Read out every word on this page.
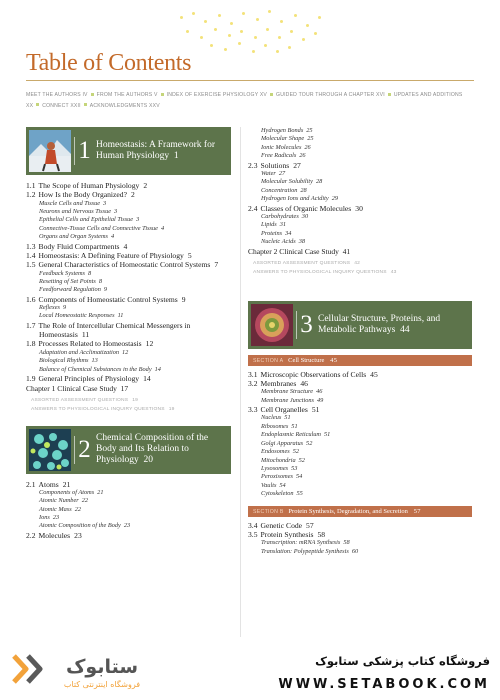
Table of Contents
MEET THE AUTHORS IV FROM THE AUTHORS V INDEX OF EXERCISE PHYSIOLOGY XV GUIDED TOUR THROUGH A CHAPTER XVI UPDATES AND ADDITIONS XX CONNECT XXII ACKNOWLEDGMENTS XXV
1 Homeostasis: A Framework for Human Physiology 1
1.1 The Scope of Human Physiology 2
1.2 How Is the Body Organized? 2
Muscle Cells and Tissue 3
Neurons and Nervous Tissue 3
Epithelial Cells and Epithelial Tissue 3
Connective-Tissue Cells and Connective Tissue 4
Organs and Organ Systems 4
1.3 Body Fluid Compartments 4
1.4 Homeostasis: A Defining Feature of Physiology 5
1.5 General Characteristics of Homeostatic Control Systems 7
Feedback Systems 8
Resetting of Set Points 8
Feedforward Regulation 9
1.6 Components of Homeostatic Control Systems 9
Reflexes 9
Local Homeostatic Responses 11
1.7 The Role of Intercellular Chemical Messengers in Homeostasis 11
1.8 Processes Related to Homeostasis 12
Adaptation and Acclimatization 12
Biological Rhythms 13
Balance of Chemical Substances in the Body 14
1.9 General Principles of Physiology 14
Chapter 1 Clinical Case Study 17
ASSORTED ASSESSMENT QUESTIONS 19
ANSWERS TO PHYSIOLOGICAL INQUIRY QUESTIONS 19
2 Chemical Composition of the Body and Its Relation to Physiology 20
2.1 Atoms 21
Components of Atoms 21
Atomic Number 22
Atomic Mass 22
Ions 23
Atomic Composition of the Body 23
2.2 Molecules 23
Hydrogen Bonds 25
Molecular Shape 25
Ionic Molecules 26
Free Radicals 26
2.3 Solutions 27
Water 27
Molecular Solubility 28
Concentration 28
Hydrogen Ions and Acidity 29
2.4 Classes of Organic Molecules 30
Carbohydrates 30
Lipids 31
Proteins 34
Nucleic Acids 38
Chapter 2 Clinical Case Study 41
ASSORTED ASSESSMENT QUESTIONS 42
ANSWERS TO PHYSIOLOGICAL INQUIRY QUESTIONS 43
3 Cellular Structure, Proteins, and Metabolic Pathways 44
SECTION A Cell Structure 45
3.1 Microscopic Observations of Cells 45
3.2 Membranes 46
Membrane Structure 46
Membrane Junctions 49
3.3 Cell Organelles 51
Nucleus 51
Ribosomes 51
Endoplasmic Reticulum 51
Golgi Apparatus 52
Endosomes 52
Mitochondria 52
Lysosomes 53
Peroxisomes 54
Vaults 54
Cytoskeleton 55
SECTION B Protein Synthesis, Degradation, and Secretion 57
3.4 Genetic Code 57
3.5 Protein Synthesis 58
Transcription: mRNA Synthesis 58
Translation: Polypeptide Synthesis 60
ستابوک
فروشگاه اینترنتی کتاب
فروشگاه کتاب پزشکی ستابوک
WWW.SETABOOK.COM
